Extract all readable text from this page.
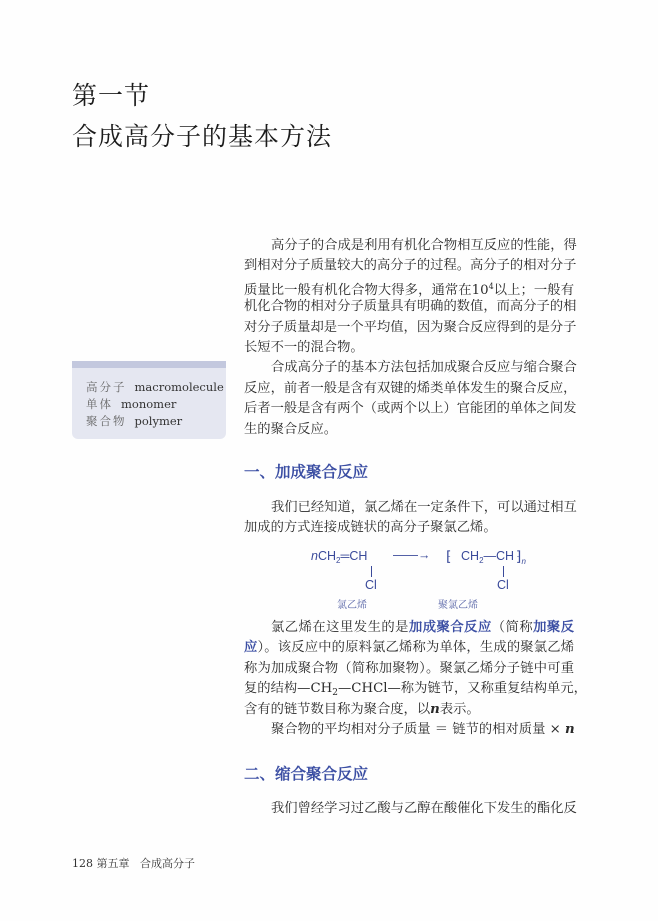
第一节
合成高分子的基本方法
高分子 macromolecule
单体 monomer
聚合物 polymer
高分子的合成是利用有机化合物相互反应的性能，得
到相对分子质量较大的高分子的过程。高分子的相对分子
质量比一般有机化合物大得多，通常在$10^4$以上；一般有
机化合物的相对分子质量具有明确的数值，而高分子的相
对分子质量却是一个平均值，因为聚合反应得到的是分子
长短不一的混合物。
合成高分子的基本方法包括加成聚合反应与缩合聚合
反应，前者一般是含有双键的烯类单体发生的聚合反应，
后者一般是含有两个（或两个以上）官能团的单体之间发
生的聚合反应。
一、加成聚合反应
我们已经知道，氯乙烯在一定条件下，可以通过相互
加成的方式连接成链状的高分子聚氯乙烯。
nCH$_2$═CH ——→ ⁅ $CH_2—CH$ $⁆_n$
Cl	Cl
氯乙烯	聚氯乙烯
氯乙烯在这里发生的是加成聚合反应（简称加聚反
应）。该反应中的原料氯乙烯称为单体，生成的聚氯乙烯
称为加成聚合物（简称加聚物）。聚氯乙烯分子链中可重
复的结构$—CH_2—CHCl—$称为链节，又称重复结构单元，
含有的链节数目称为聚合度，以n表示。
聚合物的平均相对分子质量 ＝ 链节的相对质量 × n
二、缩合聚合反应
我们曾经学习过乙酸与乙醇在酸催化下发生的酯化反
128 第五章 合成高分子
